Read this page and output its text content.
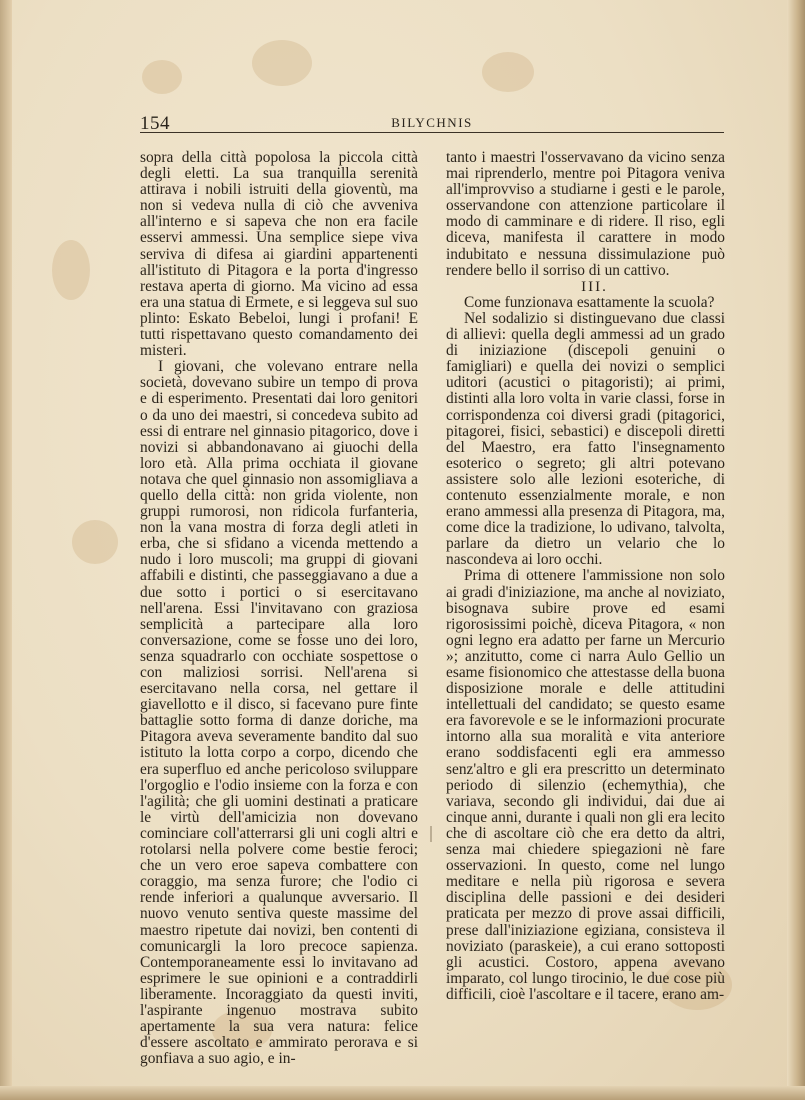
154	BILYCHNIS

sopra della città popolosa la piccola città degli eletti. La sua tranquilla serenità attirava i nobili istruiti della gioventù, ma non si vedeva nulla di ciò che avveniva all'interno e si sapeva che non era facile esservi ammessi. Una semplice siepe viva serviva di difesa ai giardini appartenenti all'istituto di Pitagora e la porta d'ingresso restava aperta di giorno. Ma vicino ad essa era una statua di Ermete, e si leggeva sul suo plinto: Eskato Bebeloi, lungi i profani! E tutti rispettavano questo comandamento dei misteri.

I giovani, che volevano entrare nella società, dovevano subire un tempo di prova e di esperimento. Presentati dai loro genitori o da uno dei maestri, si concedeva subito ad essi di entrare nel ginnasio pitagorico, dove i novizi si abbandonavano ai giuochi della loro età. Alla prima occhiata il giovane notava che quel ginnasio non assomigliava a quello della città: non grida violente, non gruppi rumorosi, non ridicola furfanteria, non la vana mostra di forza degli atleti in erba, che si sfidano a vicenda mettendo a nudo i loro muscoli; ma gruppi di giovani affabili e distinti, che passeggiavano a due a due sotto i portici o si esercitavano nell'arena. Essi l'invitavano con graziosa semplicità a partecipare alla loro conversazione, come se fosse uno dei loro, senza squadrarlo con occhiate sospettose o con maliziosi sorrisi. Nell'arena si esercitavano nella corsa, nel gettare il giavellotto e il disco, si facevano pure finte battaglie sotto forma di danze doriche, ma Pitagora aveva severamente bandito dal suo istituto la lotta corpo a corpo, dicendo che era superfluo ed anche pericoloso sviluppare l'orgoglio e l'odio insieme con la forza e con l'agilità; che gli uomini destinati a praticare le virtù dell'amicizia non dovevano cominciare coll'atterrarsi gli uni cogli altri e rotolarsi nella polvere come bestie feroci; che un vero eroe sapeva combattere con coraggio, ma senza furore; che l'odio ci rende inferiori a qualunque avversario. Il nuovo venuto sentiva queste massime del maestro ripetute dai novizi, ben contenti di comunicargli la loro precoce sapienza. Contemporaneamente essi lo invitavano ad esprimere le sue opinioni e a contraddirli liberamente. Incoraggiato da questi inviti, l'aspirante ingenuo mostrava subito apertamente la sua vera natura: felice d'essere ascoltato e ammirato perorava e si gonfiava a suo agio, e in-

tanto i maestri l'osservavano da vicino senza mai riprenderlo, mentre poi Pitagora veniva all'improvviso a studiarne i gesti e le parole, osservandone con attenzione particolare il modo di camminare e di ridere. Il riso, egli diceva, manifesta il carattere in modo indubitato e nessuna dissimulazione può rendere bello il sorriso di un cattivo.

III.

Come funzionava esattamente la scuola?

Nel sodalizio si distinguevano due classi di allievi: quella degli ammessi ad un grado di iniziazione (discepoli genuini o famigliari) e quella dei novizi o semplici uditori (acustici o pitagoristi); ai primi, distinti alla loro volta in varie classi, forse in corrispondenza coi diversi gradi (pitagorici, pitagorei, fisici, sebastici) e discepoli diretti del Maestro, era fatto l'insegnamento esoterico o segreto; gli altri potevano assistere solo alle lezioni esoteriche, di contenuto essenzialmente morale, e non erano ammessi alla presenza di Pitagora, ma, come dice la tradizione, lo udivano, talvolta, parlare da dietro un velario che lo nascondeva ai loro occhi.

Prima di ottenere l'ammissione non solo ai gradi d'iniziazione, ma anche al noviziato, bisognava subire prove ed esami rigorosissimi poichè, diceva Pitagora, « non ogni legno era adatto per farne un Mercurio »; anzitutto, come ci narra Aulo Gellio un esame fisionomico che attestasse della buona disposizione morale e delle attitudini intellettuali del candidato; se questo esame era favorevole e se le informazioni procurate intorno alla sua moralità e vita anteriore erano soddisfacenti egli era ammesso senz'altro e gli era prescritto un determinato periodo di silenzio (echemythia), che variava, secondo gli individui, dai due ai cinque anni, durante i quali non gli era lecito che di ascoltare ciò che era detto da altri, senza mai chiedere spiegazioni nè fare osservazioni. In questo, come nel lungo meditare e nella più rigorosa e severa disciplina delle passioni e dei desideri praticata per mezzo di prove assai difficili, prese dall'iniziazione egiziana, consisteva il noviziato (paraskeie), a cui erano sottoposti gli acustici. Costoro, appena avevano imparato, col lungo tirocinio, le due cose più difficili, cioè l'ascoltare e il tacere, erano am-
